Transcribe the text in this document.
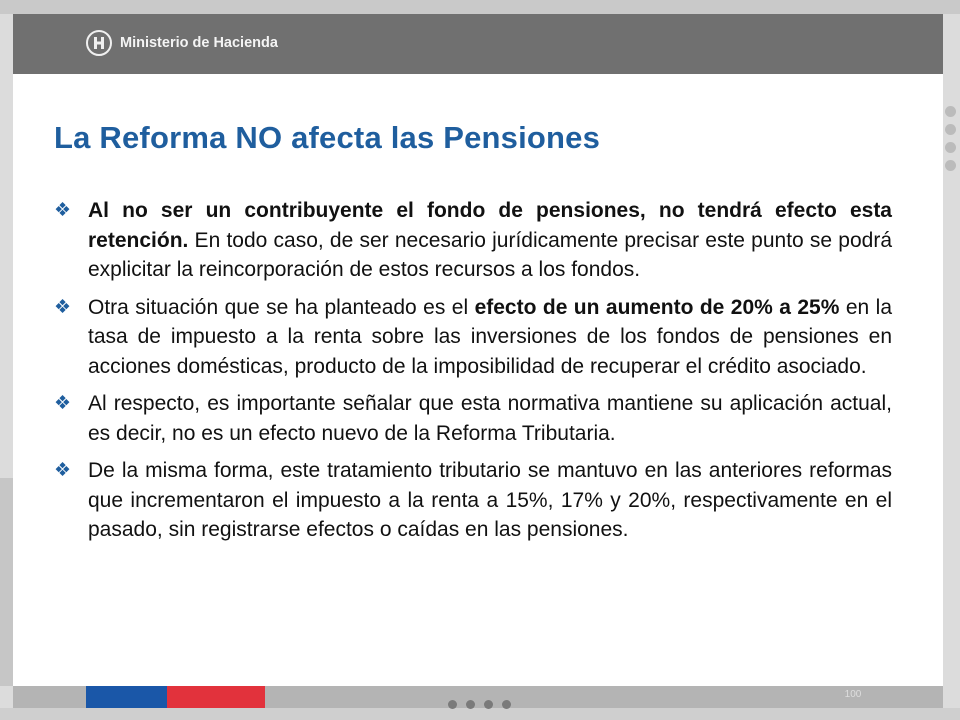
Ministerio de Hacienda
La Reforma NO afecta las Pensiones
❖ Al no ser un contribuyente el fondo de pensiones, no tendrá efecto esta retención. En todo caso, de ser necesario jurídicamente precisar este punto se podrá explicitar la reincorporación de estos recursos a los fondos.
❖ Otra situación que se ha planteado es el efecto de un aumento de 20% a 25% en la tasa de impuesto a la renta sobre las inversiones de los fondos de pensiones en acciones domésticas, producto de la imposibilidad de recuperar el crédito asociado.
❖ Al respecto, es importante señalar que esta normativa mantiene su aplicación actual, es decir, no es un efecto nuevo de la Reforma Tributaria.
❖ De la misma forma, este tratamiento tributario se mantuvo en las anteriores reformas que incrementaron el impuesto a la renta a 15%, 17% y 20%, respectivamente en el pasado, sin registrarse efectos o caídas en las pensiones.
100
